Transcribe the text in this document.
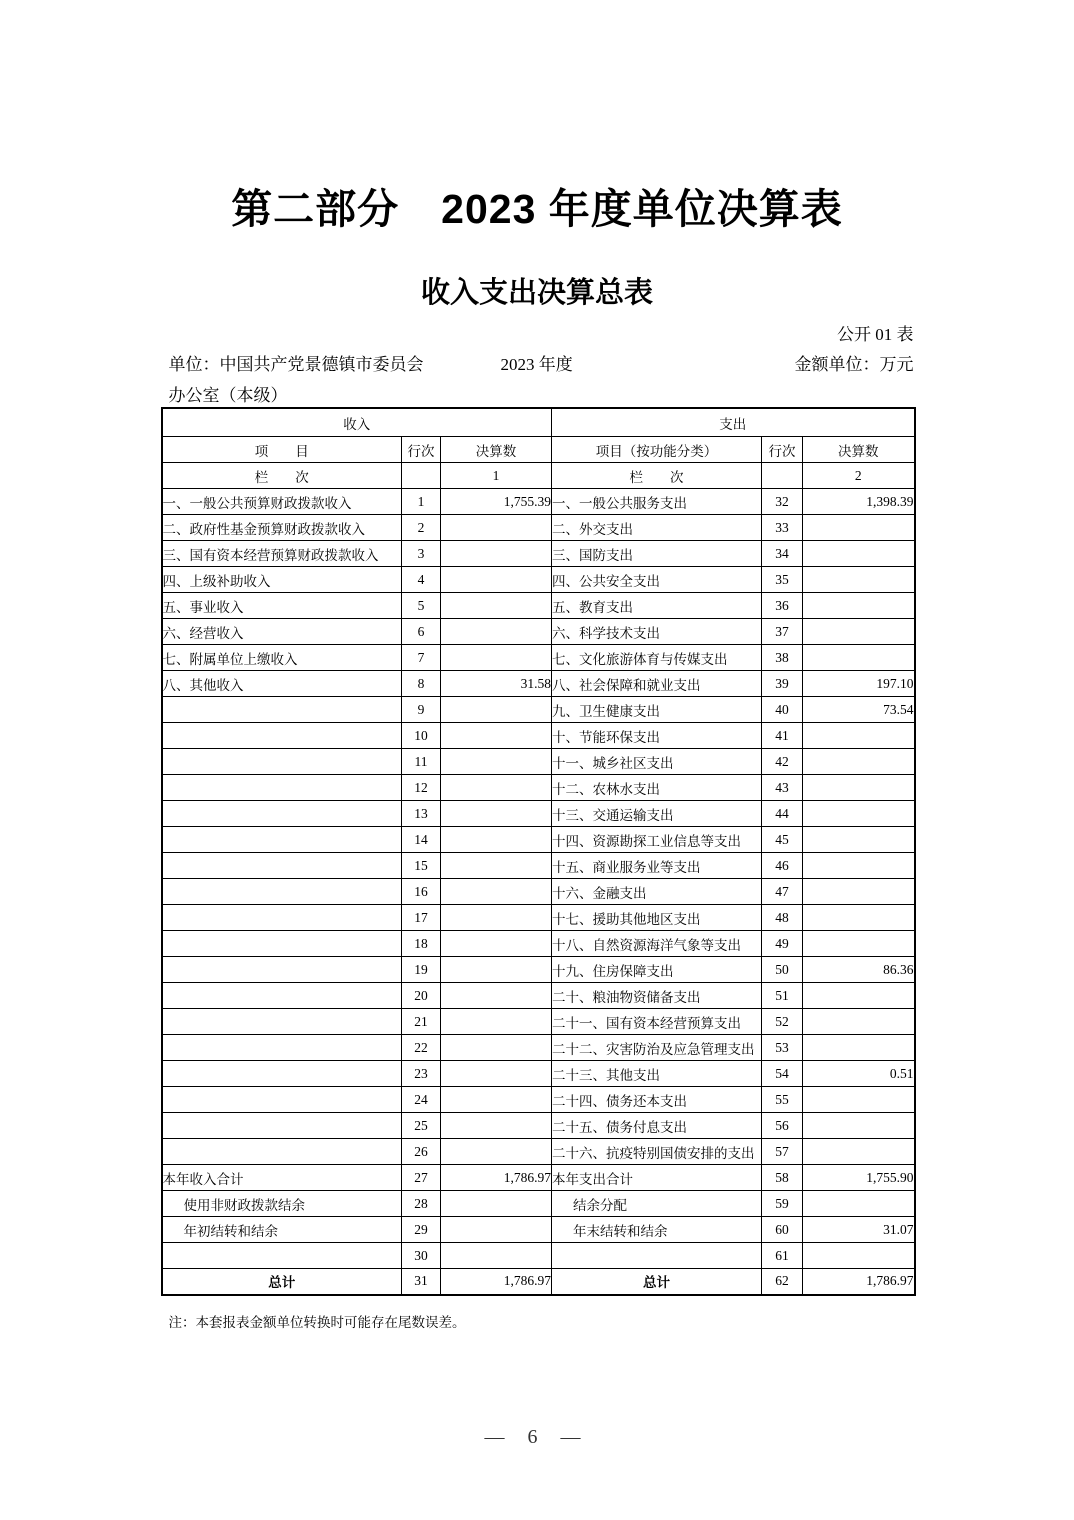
第二部分　2023 年度单位决算表
收入支出决算总表
公开 01 表
单位：中国共产党景德镇市委员会
办公室（本级）
2023 年度	金额单位：万元
收入			支出		
项　　目	行次	决算数	项目（按功能分类）	行次	决算数
栏　　次		1	栏　　次		2
一、一般公共预算财政拨款收入	1	1,755.39	一、一般公共服务支出	32	1,398.39
二、政府性基金预算财政拨款收入	2		二、外交支出	33	
三、国有资本经营预算财政拨款收入	3		三、国防支出	34	
四、上级补助收入	4		四、公共安全支出	35	
五、事业收入	5		五、教育支出	36	
六、经营收入	6		六、科学技术支出	37	
七、附属单位上缴收入	7		七、文化旅游体育与传媒支出	38	
八、其他收入	8	31.58	八、社会保障和就业支出	39	197.10
	9		九、卫生健康支出	40	73.54
	10		十、节能环保支出	41	
	11		十一、城乡社区支出	42	
	12		十二、农林水支出	43	
	13		十三、交通运输支出	44	
	14		十四、资源勘探工业信息等支出	45	
	15		十五、商业服务业等支出	46	
	16		十六、金融支出	47	
	17		十七、援助其他地区支出	48	
	18		十八、自然资源海洋气象等支出	49	
	19		十九、住房保障支出	50	86.36
	20		二十、粮油物资储备支出	51	
	21		二十一、国有资本经营预算支出	52	
	22		二十二、灾害防治及应急管理支出	53	
	23		二十三、其他支出	54	0.51
	24		二十四、债务还本支出	55	
	25		二十五、债务付息支出	56	
	26		二十六、抗疫特别国债安排的支出	57	
本年收入合计	27	1,786.97	本年支出合计	58	1,755.90
使用非财政拨款结余	28		结余分配	59	
年初结转和结余	29		年末结转和结余	60	31.07
	30			61	
总计	31	1,786.97	总计	62	1,786.97
注：本套报表金额单位转换时可能存在尾数误差。
— 6 —
